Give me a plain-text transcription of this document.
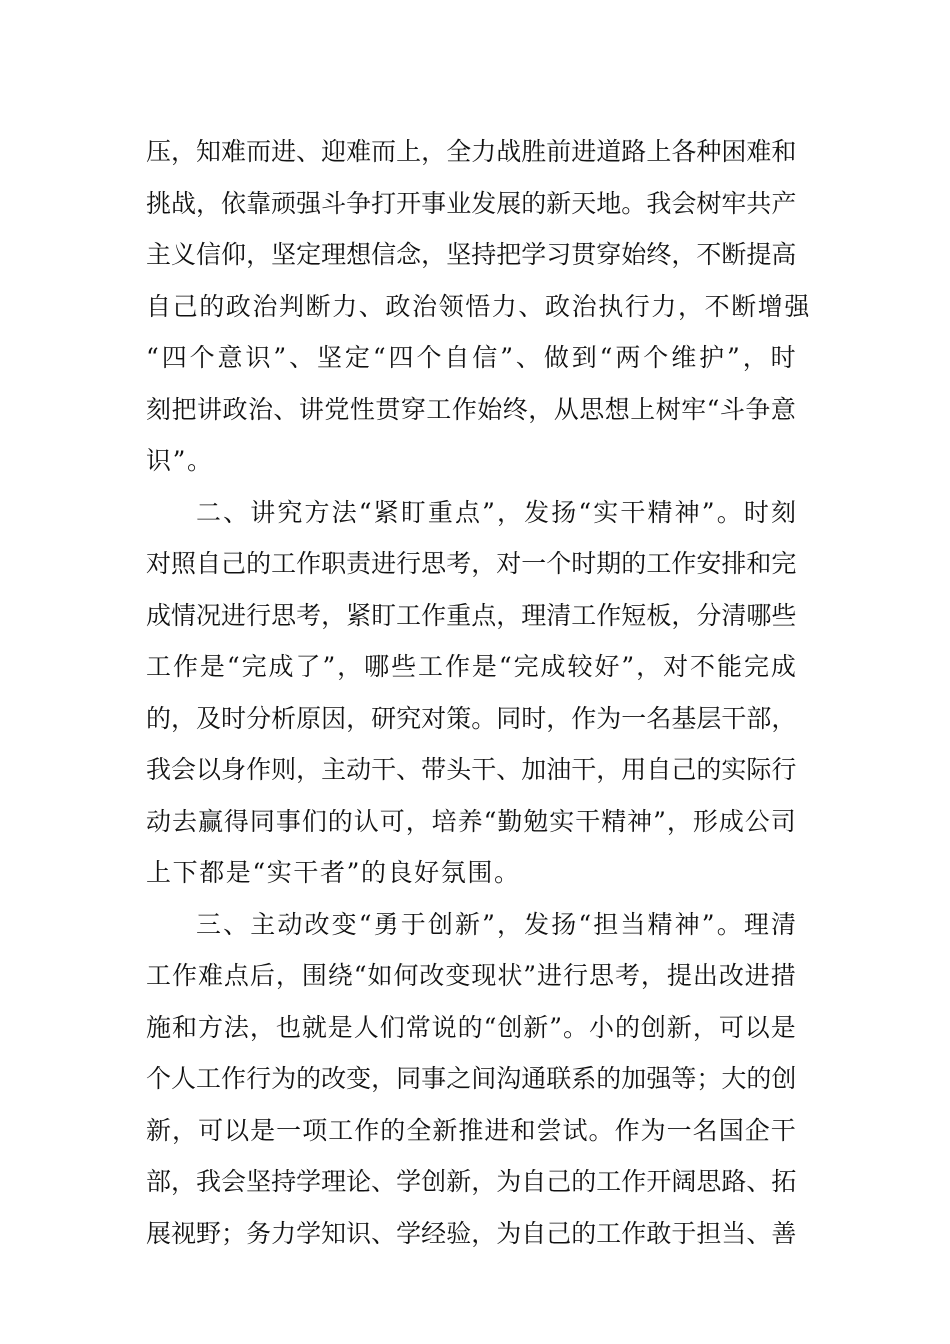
压 ， 知 难 而 进 、 迎 难 而 上 ， 全 力 战 胜 前 进 道 路 上 各 种 困 难 和
挑 战 ， 依 靠 顽 强 斗 争 打 开 事 业 发 展 的 新 天 地 。 我 会 树 牢 共 产
主 义 信 仰 ， 坚 定 理 想 信 念 ， 坚 持 把 学 习 贯 穿 始 终 ， 不 断 提 高
自己的政治判断力、政治领悟力、政治执行力，不断增强
“ 四 个 意 识 ” 、 坚 定 “ 四 个 自 信 ” 、 做 到 “ 两 个 维 护 ” ， 时
刻 把 讲 政 治 、 讲 党 性 贯 穿 工 作 始 终 ， 从 思 想 上 树 牢 “ 斗 争 意
识”。
二 、 讲 究 方 法 “ 紧 盯 重 点 ” ， 发 扬 “ 实 干 精 神 ” 。 时 刻
对 照 自 己 的 工 作 职 责 进 行 思 考 ， 对 一 个 时 期 的 工 作 安 排 和 完
成 情 况 进 行 思 考 ， 紧 盯 工 作 重 点 ， 理 清 工 作 短 板 ， 分 清 哪 些
工 作 是 “ 完 成 了 ” ， 哪 些 工 作 是 “ 完 成 较 好 ” ， 对 不 能 完 成
的 ， 及 时 分 析 原 因 ， 研 究 对 策 。 同 时 ， 作 为 一 名 基 层 干 部 ，
我 会 以 身 作 则 ， 主 动 干 、 带 头 干 、 加 油 干 ， 用 自 己 的 实 际 行
动 去 赢 得 同 事 们 的 认 可 ， 培 养 “ 勤 勉 实 干 精 神 ” ， 形 成 公 司
上下都是“实干者”的良好氛围。
三 、 主 动 改 变 “ 勇 于 创 新 ” ， 发 扬 “ 担 当 精 神 ” 。 理 清
工 作 难 点 后 ， 围 绕 “ 如 何 改 变 现 状 ” 进 行 思 考 ， 提 出 改 进 措
施 和 方 法 ， 也 就 是 人 们 常 说 的 “ 创 新 ” 。 小 的 创 新 ， 可 以 是
个 人 工 作 行 为 的 改 变 ， 同 事 之 间 沟 通 联 系 的 加 强 等 ； 大 的 创
新 ， 可 以 是 一 项 工 作 的 全 新 推 进 和 尝 试 。 作 为 一 名 国 企 干
部 ， 我 会 坚 持 学 理 论 、 学 创 新 ， 为 自 己 的 工 作 开 阔 思 路 、 拓
展 视 野 ； 务 力 学 知 识 、 学 经 验 ， 为 自 己 的 工 作 敢 于 担 当 、 善
